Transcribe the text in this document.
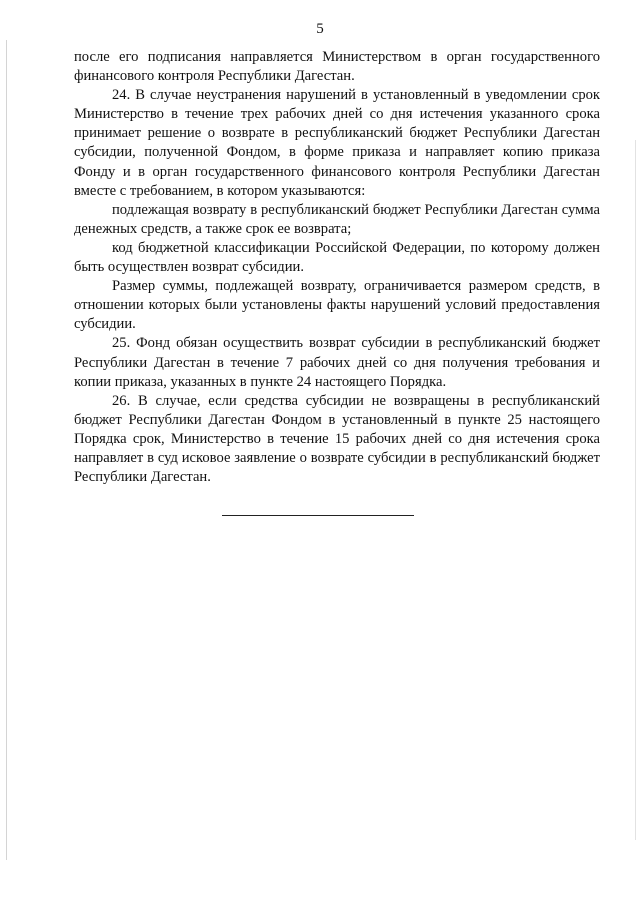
5

после его подписания направляется Министерством в орган государственного финансового контроля Республики Дагестан.

24. В случае неустранения нарушений в установленный в уведомлении срок Министерство в течение трех рабочих дней со дня истечения указанного срока принимает решение о возврате в республиканский бюджет Республики Дагестан субсидии, полученной Фондом, в форме приказа и направляет копию приказа Фонду и в орган государственного финансового контроля Республики Дагестан вместе с требованием, в котором указываются:

подлежащая возврату в республиканский бюджет Республики Дагестан сумма денежных средств, а также срок ее возврата;

код бюджетной классификации Российской Федерации, по которому должен быть осуществлен возврат субсидии.

Размер суммы, подлежащей возврату, ограничивается размером средств, в отношении которых были установлены факты нарушений условий предоставления субсидии.

25. Фонд обязан осуществить возврат субсидии в республиканский бюджет Республики Дагестан в течение 7 рабочих дней со дня получения требования и копии приказа, указанных в пункте 24 настоящего Порядка.

26. В случае, если средства субсидии не возвращены в республиканский бюджет Республики Дагестан Фондом в установленный в пункте 25 настоящего Порядка срок, Министерство в течение 15 рабочих дней со дня истечения срока направляет в суд исковое заявление о возврате субсидии в республиканский бюджет Республики Дагестан.
